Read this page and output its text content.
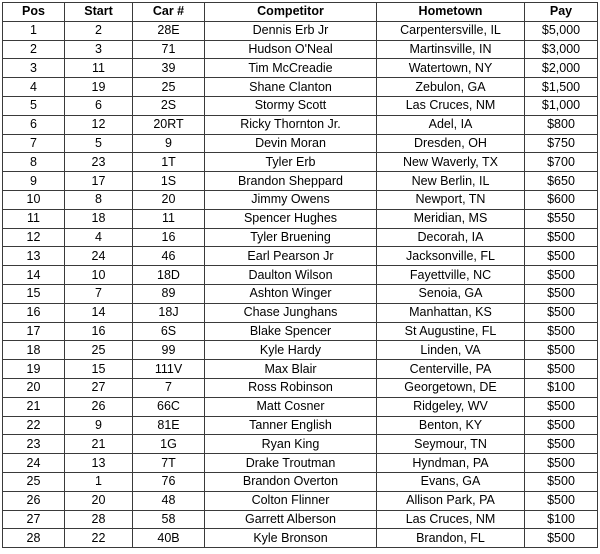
Pos	Start	Car #	Competitor	Hometown	Pay
1	2	28E	Dennis Erb Jr	Carpentersville, IL	$5,000
2	3	71	Hudson O'Neal	Martinsville, IN	$3,000
3	11	39	Tim McCreadie	Watertown, NY	$2,000
4	19	25	Shane Clanton	Zebulon, GA	$1,500
5	6	2S	Stormy Scott	Las Cruces, NM	$1,000
6	12	20RT	Ricky Thornton Jr.	Adel, IA	$800
7	5	9	Devin Moran	Dresden, OH	$750
8	23	1T	Tyler Erb	New Waverly, TX	$700
9	17	1S	Brandon Sheppard	New Berlin, IL	$650
10	8	20	Jimmy Owens	Newport, TN	$600
11	18	11	Spencer Hughes	Meridian, MS	$550
12	4	16	Tyler Bruening	Decorah, IA	$500
13	24	46	Earl Pearson Jr	Jacksonville, FL	$500
14	10	18D	Daulton Wilson	Fayettville, NC	$500
15	7	89	Ashton Winger	Senoia, GA	$500
16	14	18J	Chase Junghans	Manhattan, KS	$500
17	16	6S	Blake Spencer	St Augustine, FL	$500
18	25	99	Kyle Hardy	Linden, VA	$500
19	15	111V	Max Blair	Centerville, PA	$500
20	27	7	Ross Robinson	Georgetown, DE	$100
21	26	66C	Matt Cosner	Ridgeley, WV	$500
22	9	81E	Tanner English	Benton, KY	$500
23	21	1G	Ryan King	Seymour, TN	$500
24	13	7T	Drake Troutman	Hyndman, PA	$500
25	1	76	Brandon Overton	Evans, GA	$500
26	20	48	Colton Flinner	Allison Park, PA	$500
27	28	58	Garrett Alberson	Las Cruces, NM	$100
28	22	40B	Kyle Bronson	Brandon, FL	$500
